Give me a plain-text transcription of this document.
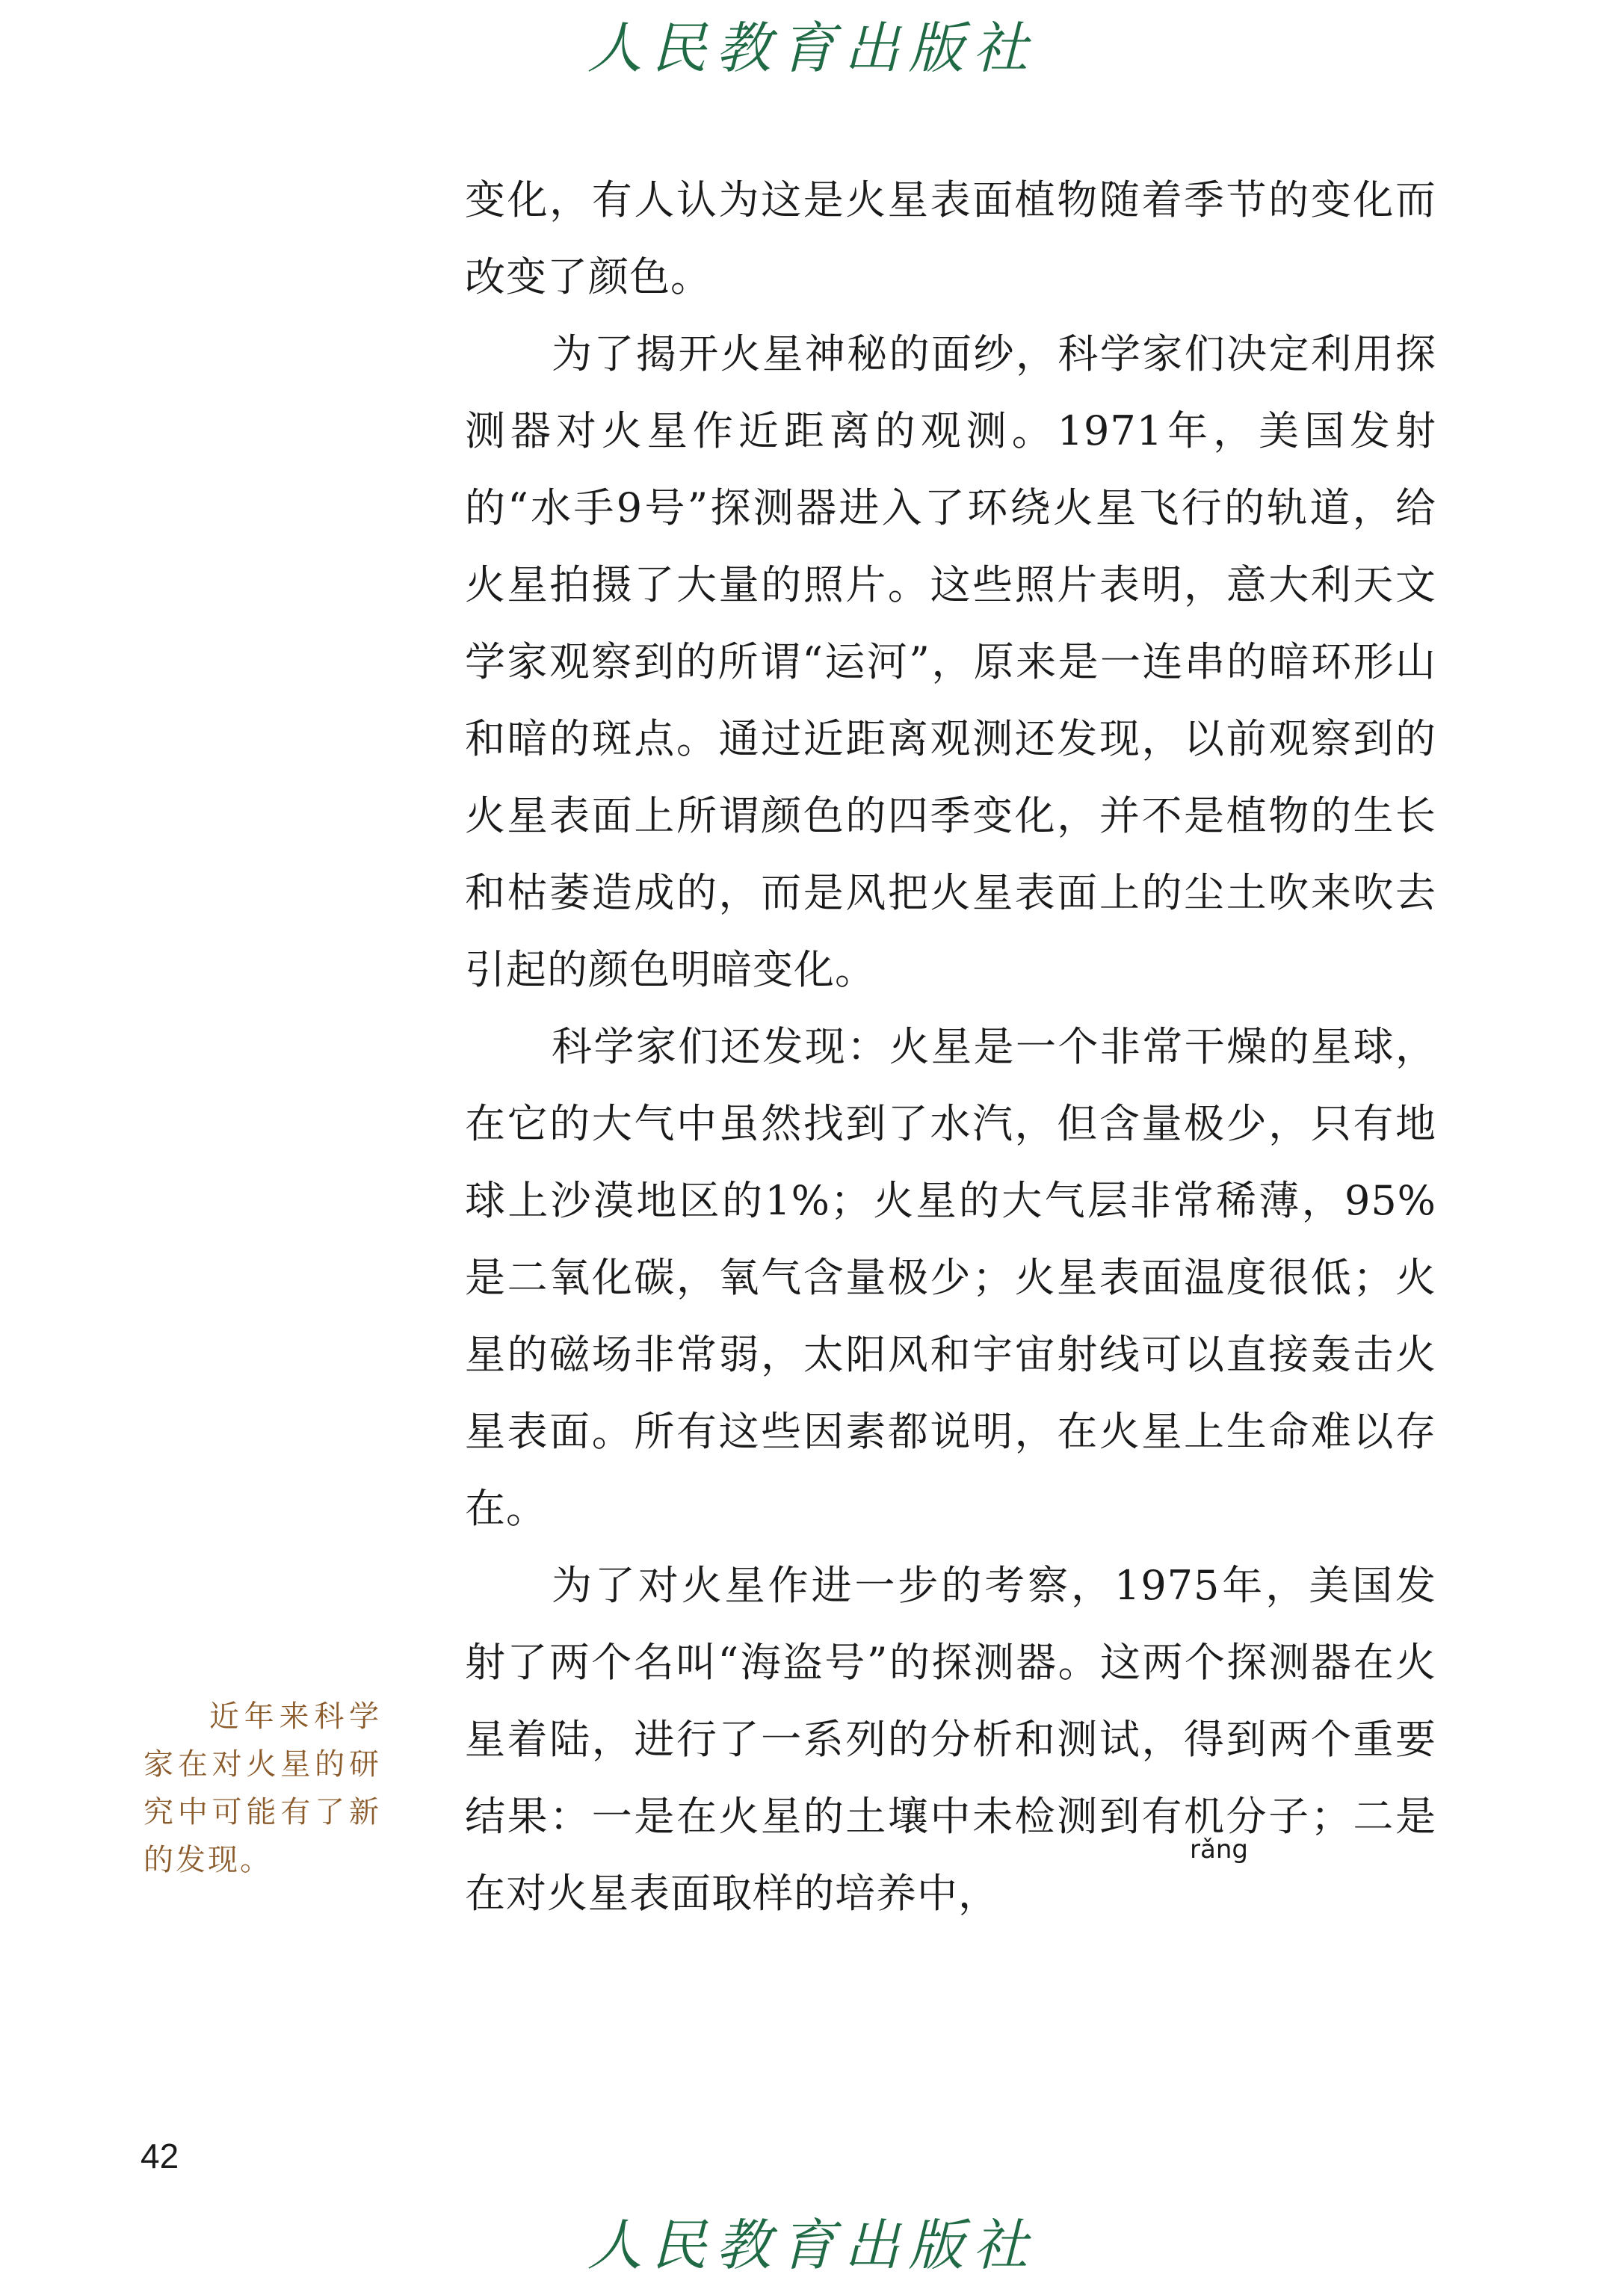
人民教育出版社

变化，有人认为这是火星表面植物随着季节的变化而改变了颜色。

为了揭开火星神秘的面纱，科学家们决定利用探测器对火星作近距离的观测。1971年，美国发射的“水手9号”探测器进入了环绕火星飞行的轨道，给火星拍摄了大量的照片。这些照片表明，意大利天文学家观察到的所谓“运河”，原来是一连串的暗环形山和暗的斑点。通过近距离观测还发现，以前观察到的火星表面上所谓颜色的四季变化，并不是植物的生长和枯萎造成的，而是风把火星表面上的尘土吹来吹去引起的颜色明暗变化。

科学家们还发现：火星是一个非常干燥的星球，在它的大气中虽然找到了水汽，但含量极少，只有地球上沙漠地区的1%；火星的大气层非常稀薄，95%是二氧化碳，氧气含量极少；火星表面温度很低；火星的磁场非常弱，太阳风和宇宙射线可以直接轰击火星表面。所有这些因素都说明，在火星上生命难以存在。

为了对火星作进一步的考察，1975年，美国发射了两个名叫“海盗号”的探测器。这两个探测器在火星着陆，进行了一系列的分析和测试，得到两个重要结果：一是在火星的土壤中未检测到有机分子；二是在对火星表面取样的培养中，

近年来科学家在对火星的研究中可能有了新的发现。	rǎng
42
人民教育出版社
